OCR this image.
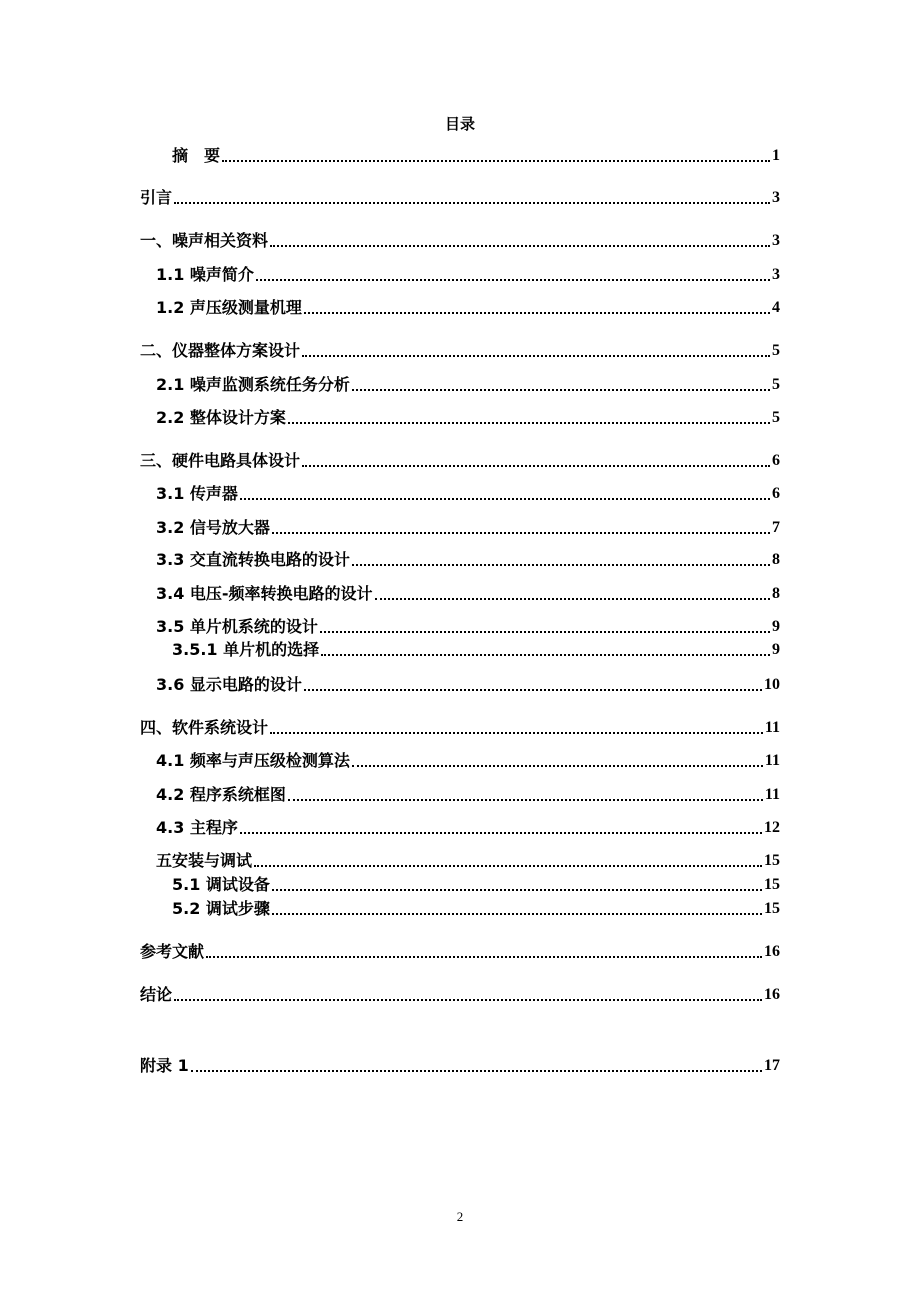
目录
摘　要	1
引言	3
一、噪声相关资料	3
1.1 噪声简介	3
1.2 声压级测量机理	4
二、仪器整体方案设计	5
2.1 噪声监测系统任务分析	5
2.2 整体设计方案	5
三、硬件电路具体设计	6
3.1 传声器	6
3.2 信号放大器	7
3.3 交直流转换电路的设计	8
3.4 电压-频率转换电路的设计	8
3.5 单片机系统的设计	9
3.5.1 单片机的选择	9
3.6 显示电路的设计	10
四、软件系统设计	11
4.1 频率与声压级检测算法	11
4.2 程序系统框图	11
4.3 主程序	12
五安装与调试	15
5.1 调试设备	15
5.2 调试步骤	15
参考文献	16
结论	16
附录 1	17
2
